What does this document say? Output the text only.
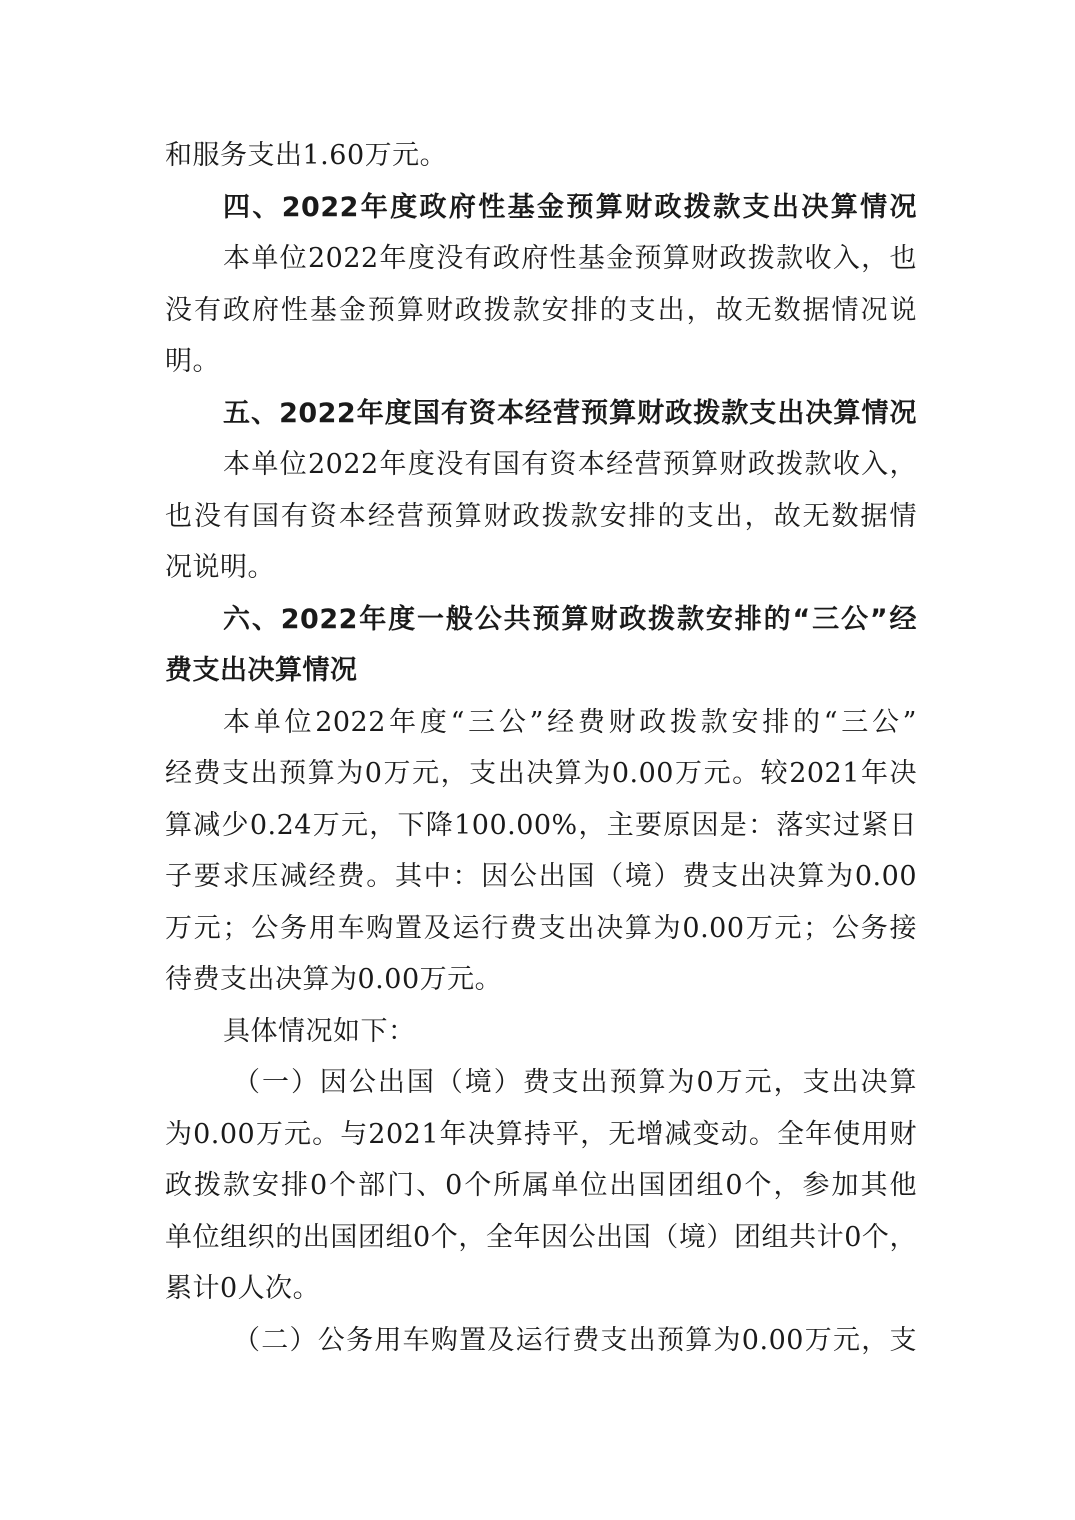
和服务支出1.60万元。
四、2022年度政府性基金预算财政拨款支出决算情况
本单位2022年度没有政府性基金预算财政拨款收入，也
没有政府性基金预算财政拨款安排的支出，故无数据情况说
明。
五、2022年度国有资本经营预算财政拨款支出决算情况
本单位2022年度没有国有资本经营预算财政拨款收入，
也没有国有资本经营预算财政拨款安排的支出，故无数据情
况说明。
六、2022年度一般公共预算财政拨款安排的“三公”经
费支出决算情况
本单位2022年度“三公”经费财政拨款安排的“三公”
经费支出预算为0万元，支出决算为0.00万元。较2021年决
算减少0.24万元，下降100.00%，主要原因是：落实过紧日
子要求压减经费。其中：因公出国（境）费支出决算为0.00
万元；公务用车购置及运行费支出决算为0.00万元；公务接
待费支出决算为0.00万元。
具体情况如下：
（一）因公出国（境）费支出预算为0万元，支出决算
为0.00万元。与2021年决算持平，无增减变动。全年使用财
政拨款安排0个部门、0个所属单位出国团组0个，参加其他
单位组织的出国团组0个，全年因公出国（境）团组共计0个，
累计0人次。
（二）公务用车购置及运行费支出预算为0.00万元，支
